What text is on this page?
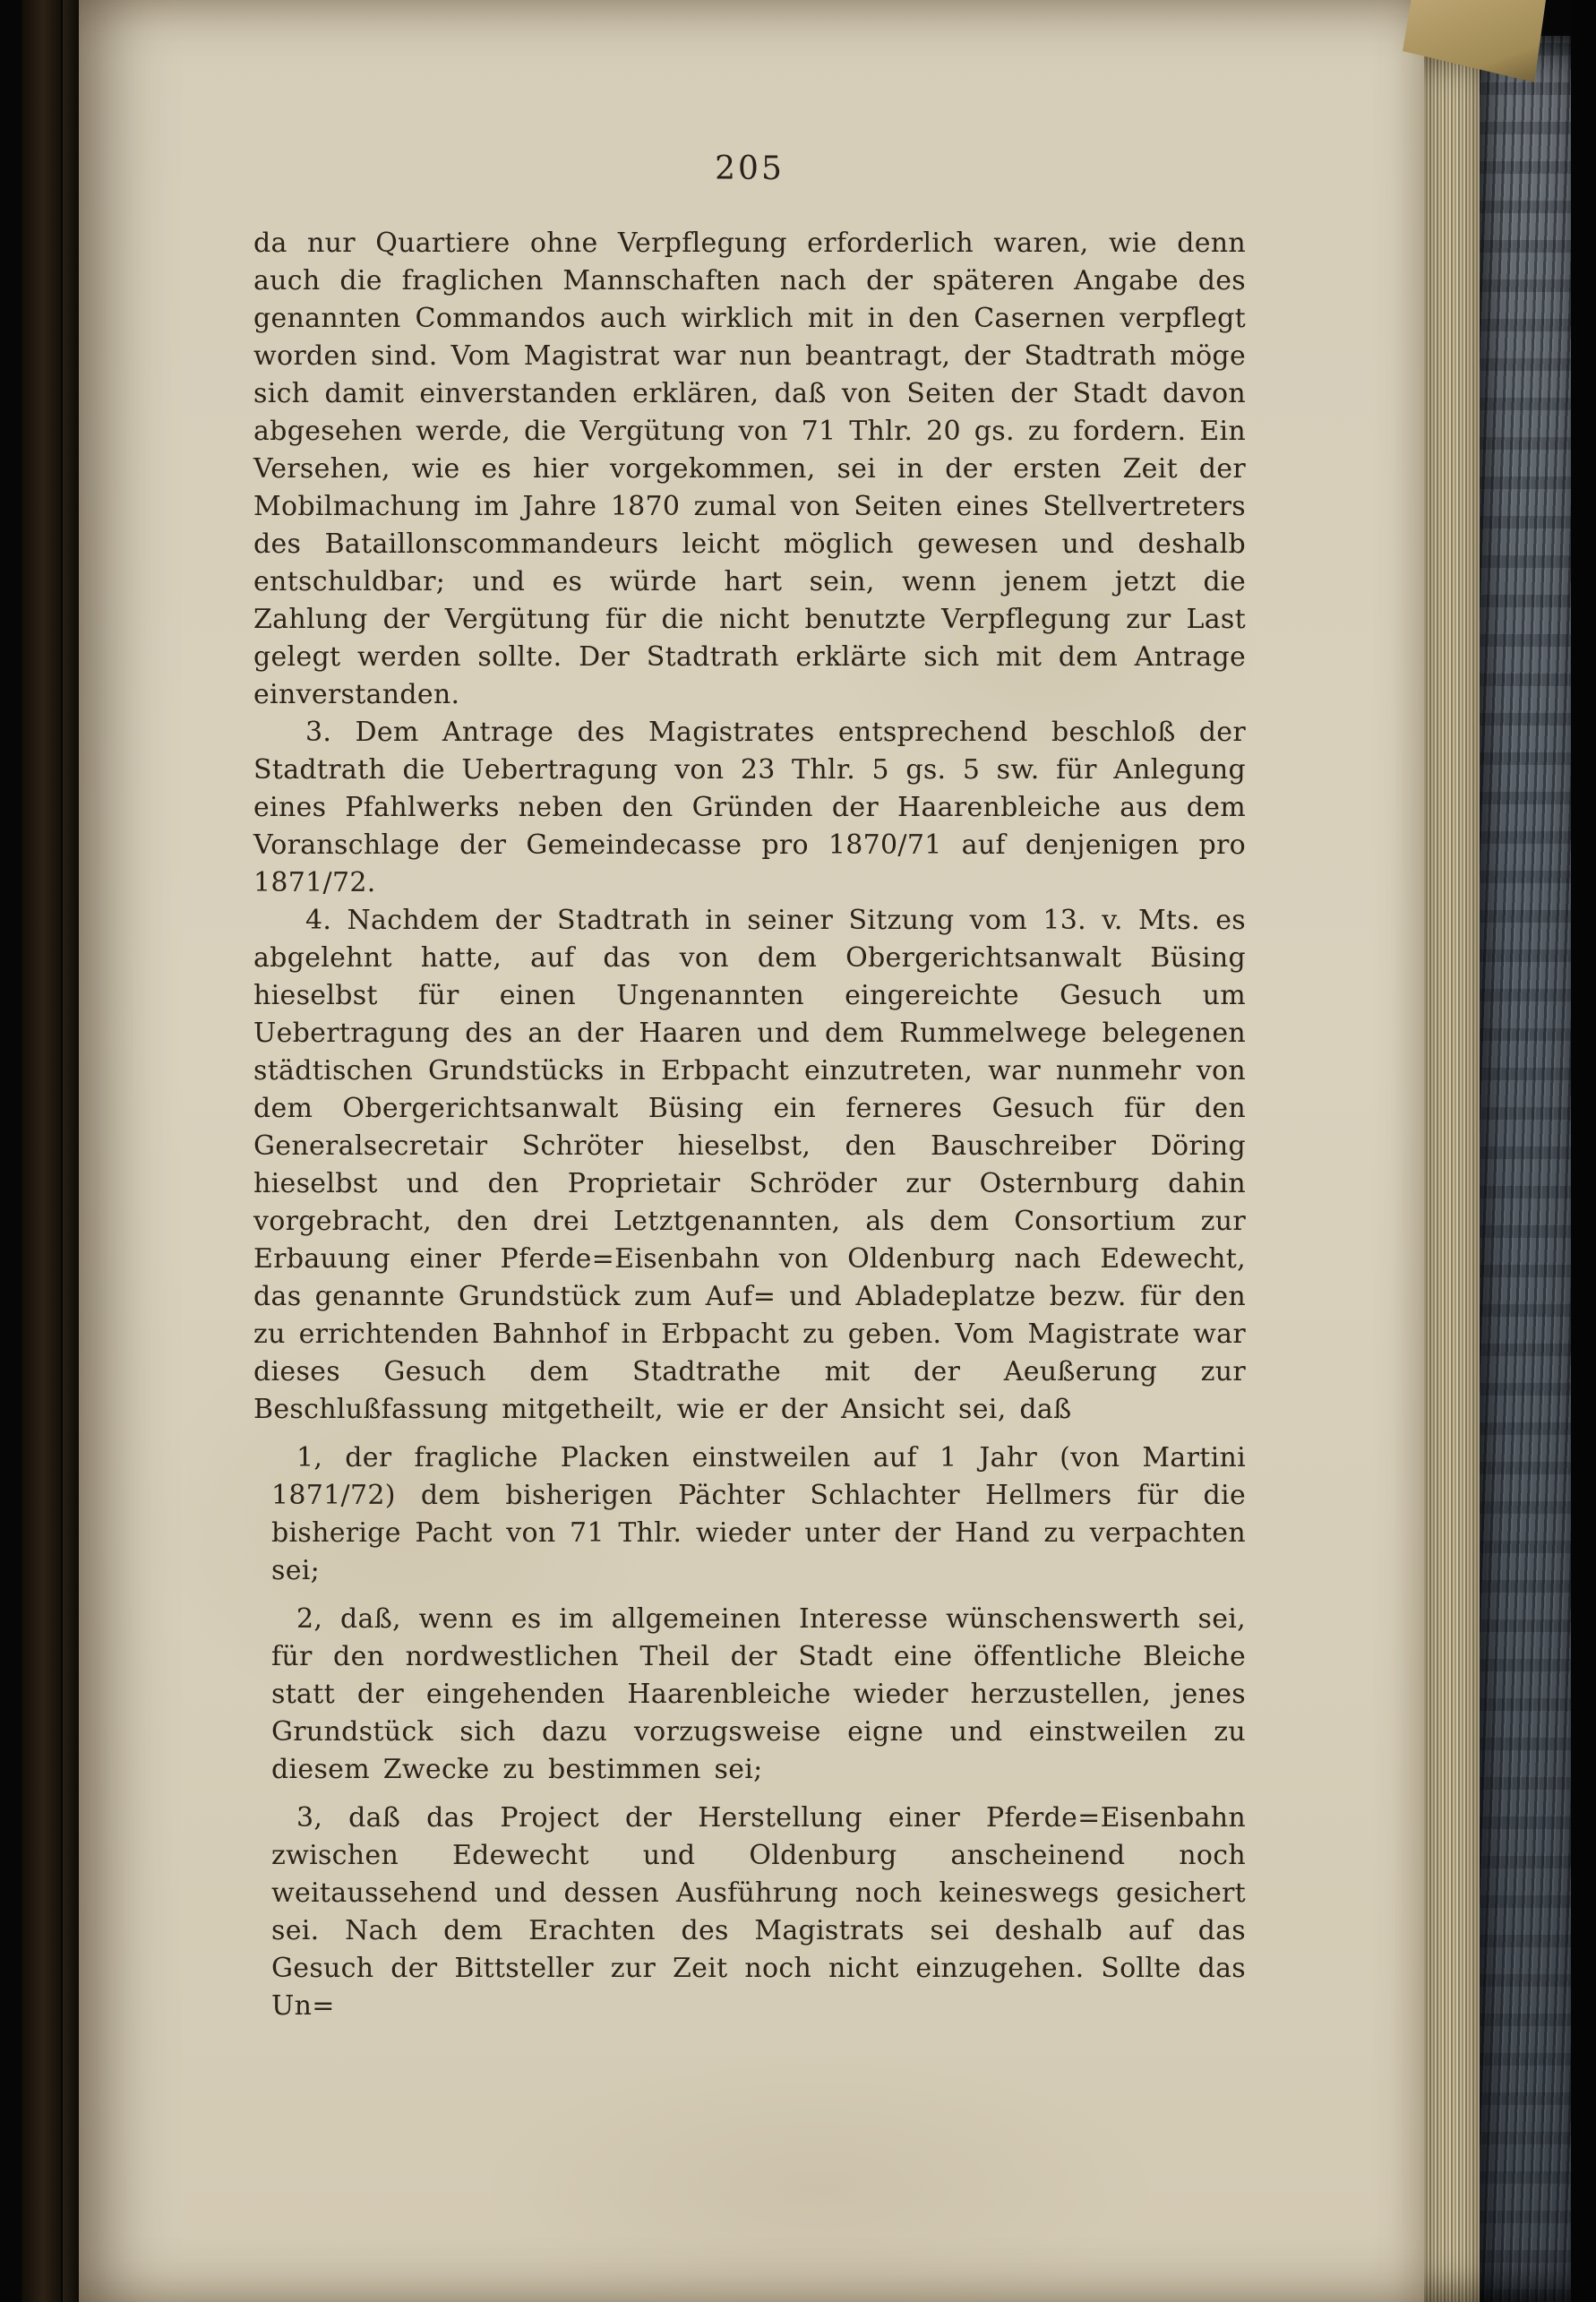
205

da nur Quartiere ohne Verpflegung erforderlich waren, wie denn auch die fraglichen Mannschaften nach der späteren Angabe des genannten Commandos auch wirklich mit in den Casernen verpflegt worden sind. Vom Magistrat war nun beantragt, der Stadtrath möge sich damit einverstanden erklären, daß von Seiten der Stadt davon abgesehen werde, die Vergütung von 71 Thlr. 20 gs. zu fordern. Ein Versehen, wie es hier vorgekommen, sei in der ersten Zeit der Mobilmachung im Jahre 1870 zumal von Seiten eines Stellvertreters des Bataillonscommandeurs leicht möglich gewesen und deshalb entschuldbar; und es würde hart sein, wenn jenem jetzt die Zahlung der Vergütung für die nicht benutzte Verpflegung zur Last gelegt werden sollte. Der Stadtrath erklärte sich mit dem Antrage einverstanden.

3. Dem Antrage des Magistrates entsprechend beschloß der Stadtrath die Uebertragung von 23 Thlr. 5 gs. 5 sw. für Anlegung eines Pfahlwerks neben den Gründen der Haarenbleiche aus dem Voranschlage der Gemeindecasse pro 1870/71 auf denjenigen pro 1871/72.

4. Nachdem der Stadtrath in seiner Sitzung vom 13. v. Mts. es abgelehnt hatte, auf das von dem Obergerichtsanwalt Büsing hieselbst für einen Ungenannten eingereichte Gesuch um Uebertragung des an der Haaren und dem Rummelwege belegenen städtischen Grundstücks in Erbpacht einzutreten, war nunmehr von dem Obergerichtsanwalt Büsing ein ferneres Gesuch für den Generalsecretair Schröter hieselbst, den Bauschreiber Döring hieselbst und den Proprietair Schröder zur Osternburg dahin vorgebracht, den drei Letztgenannten, als dem Consortium zur Erbauung einer Pferde=Eisenbahn von Oldenburg nach Edewecht, das genannte Grundstück zum Auf= und Abladeplatze bezw. für den zu errichtenden Bahnhof in Erbpacht zu geben. Vom Magistrate war dieses Gesuch dem Stadtrathe mit der Aeußerung zur Beschlußfassung mitgetheilt, wie er der Ansicht sei, daß

1, der fragliche Placken einstweilen auf 1 Jahr (von Martini 1871/72) dem bisherigen Pächter Schlachter Hellmers für die bisherige Pacht von 71 Thlr. wieder unter der Hand zu verpachten sei;

2, daß, wenn es im allgemeinen Interesse wünschenswerth sei, für den nordwestlichen Theil der Stadt eine öffentliche Bleiche statt der eingehenden Haarenbleiche wieder herzustellen, jenes Grundstück sich dazu vorzugsweise eigne und einstweilen zu diesem Zwecke zu bestimmen sei;

3, daß das Project der Herstellung einer Pferde=Eisenbahn zwischen Edewecht und Oldenburg anscheinend noch weitaussehend und dessen Ausführung noch keineswegs gesichert sei. Nach dem Erachten des Magistrats sei deshalb auf das Gesuch der Bittsteller zur Zeit noch nicht einzugehen. Sollte das Un=
